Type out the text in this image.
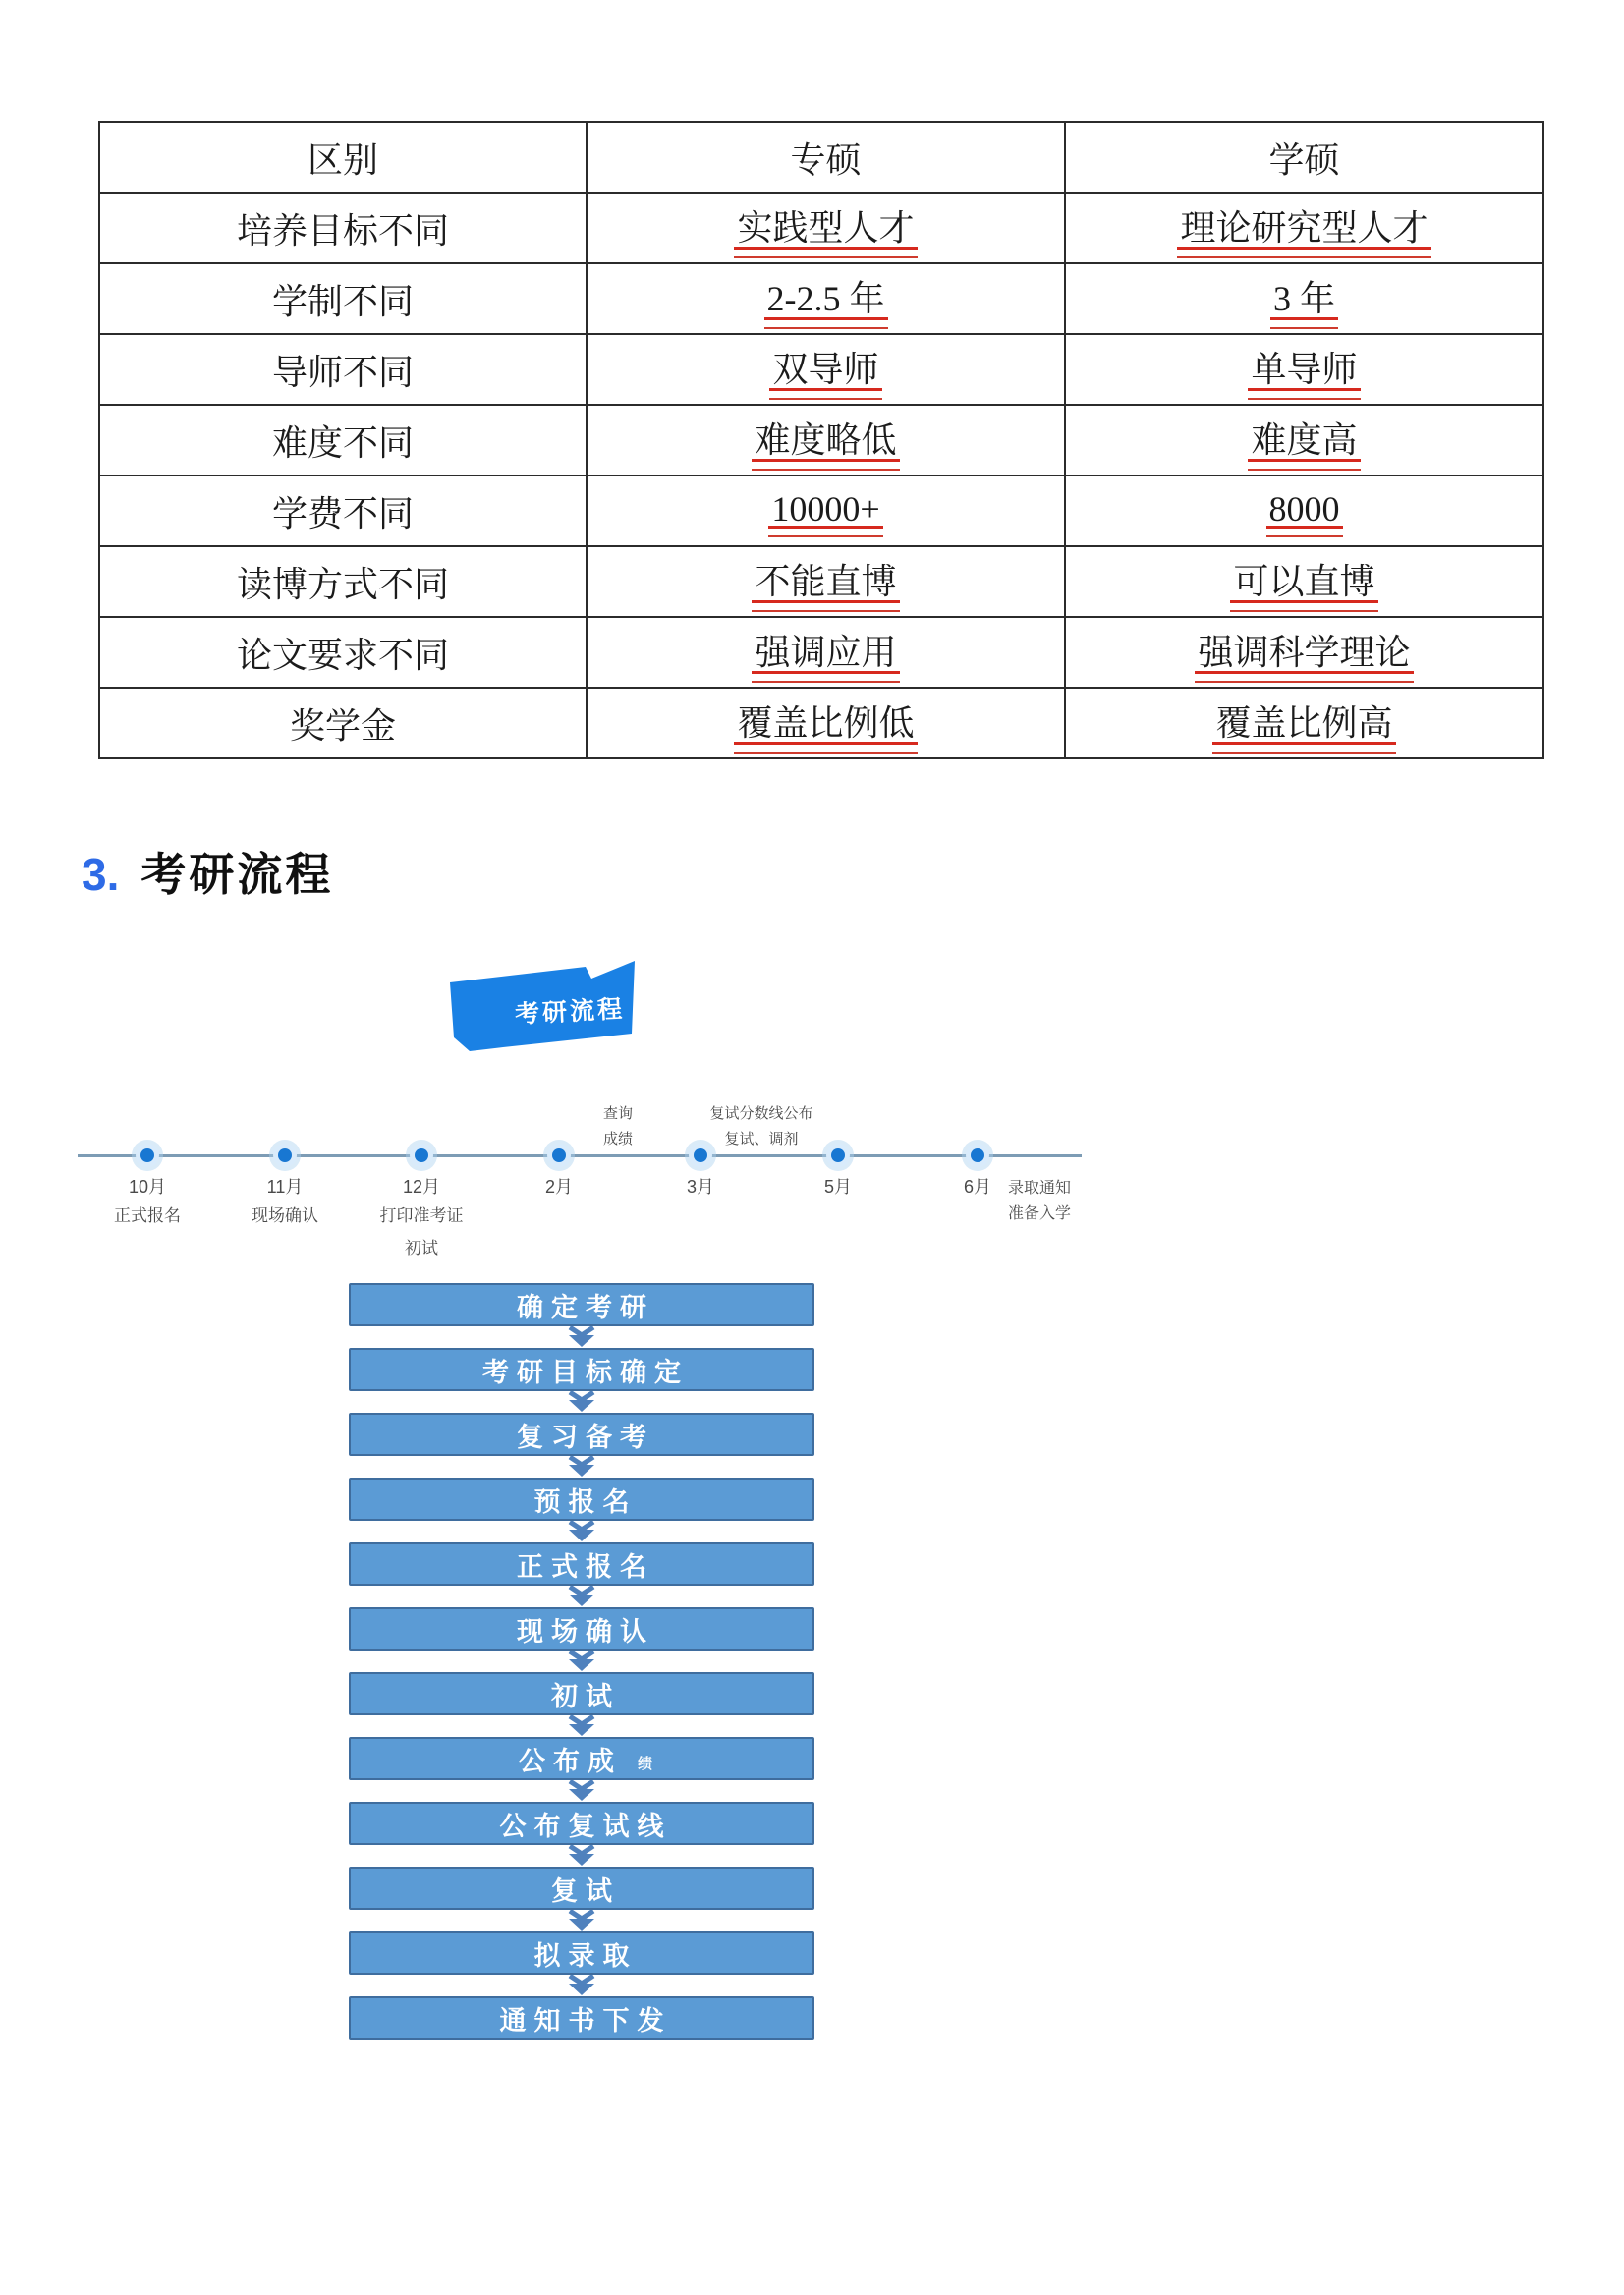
区别	专硕	学硕
培养目标不同	实践型人才	理论研究型人才
学制不同	2-2.5 年	3 年
导师不同	双导师	单导师
难度不同	难度略低	难度高
学费不同	10000+	8000
读博方式不同	不能直博	可以直博
论文要求不同	强调应用	强调科学理论
奖学金	覆盖比例低	覆盖比例高
3. 考研流程
考研流程
10月	11月	12月	2月	3月	5月	6月
正式报名	现场确认	打印准考证
初试
查询
成绩
复试分数线公布
复试、调剂
录取通知
准备入学
确定考研
考研目标确定
复习备考
预报名
正式报名
现场确认
初试
公布成 绩
公布复试线
复试
拟录取
通知书下发
